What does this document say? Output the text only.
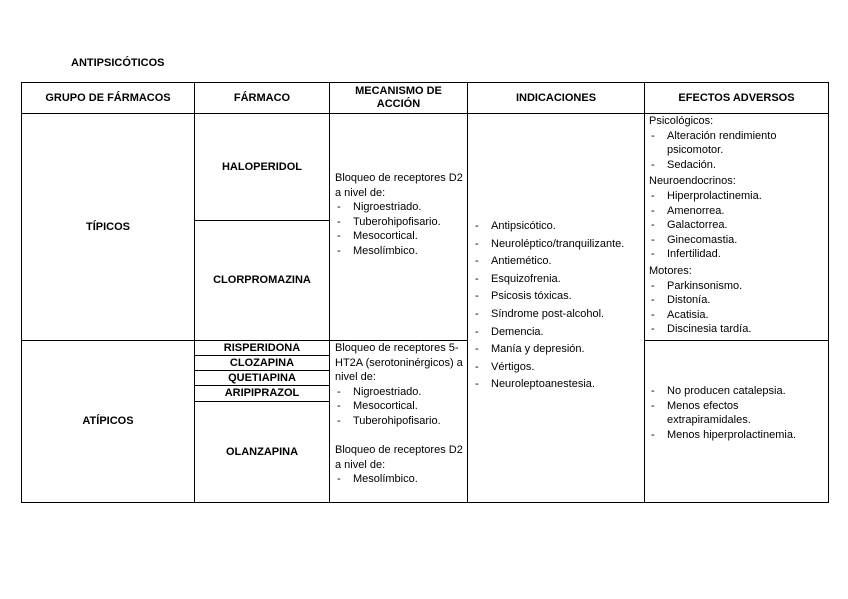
ANTIPSICÓTICOS
GRUPO DE FÁRMACOS	FÁRMACO
MECANISMO DE ACCIÓN
INDICACIONES	EFECTOS ADVERSOS
TÍPICOS
ATÍPICOS
HALOPERIDOL
CLORPROMAZINA
RISPERIDONA
CLOZAPINA
QUETIAPINA
ARIPIPRAZOL
OLANZAPINA
Bloqueo de receptores D2 a nivel de:
- Nigroestriado.
- Tuberohipofisario.
- Mesocortical.
- Mesolímbico.
Bloqueo de receptores 5-HT2A (serotoninérgicos) a nivel de:
- Nigroestriado.
- Mesocortical.
- Tuberohipofisario.
Bloqueo de receptores D2 a nivel de:
- Mesolímbico.
- Antipsicótico.
- Neuroléptico/tranquilizante.
- Antiemético.
- Esquizofrenia.
- Psicosis tóxicas.
- Síndrome post-alcohol.
- Demencia.
- Manía y depresión.
- Vértigos.
- Neuroleptoanestesia.
Psicológicos:
- Alteración rendimiento psicomotor.
- Sedación.
Neuroendocrinos:
- Hiperprolactinemia.
- Amenorrea.
- Galactorrea.
- Ginecomastia.
- Infertilidad.
Motores:
- Parkinsonismo.
- Distonía.
- Acatisia.
- Discinesia tardía.
- No producen catalepsia.
- Menos efectos extrapiramidales.
- Menos hiperprolactinemia.
